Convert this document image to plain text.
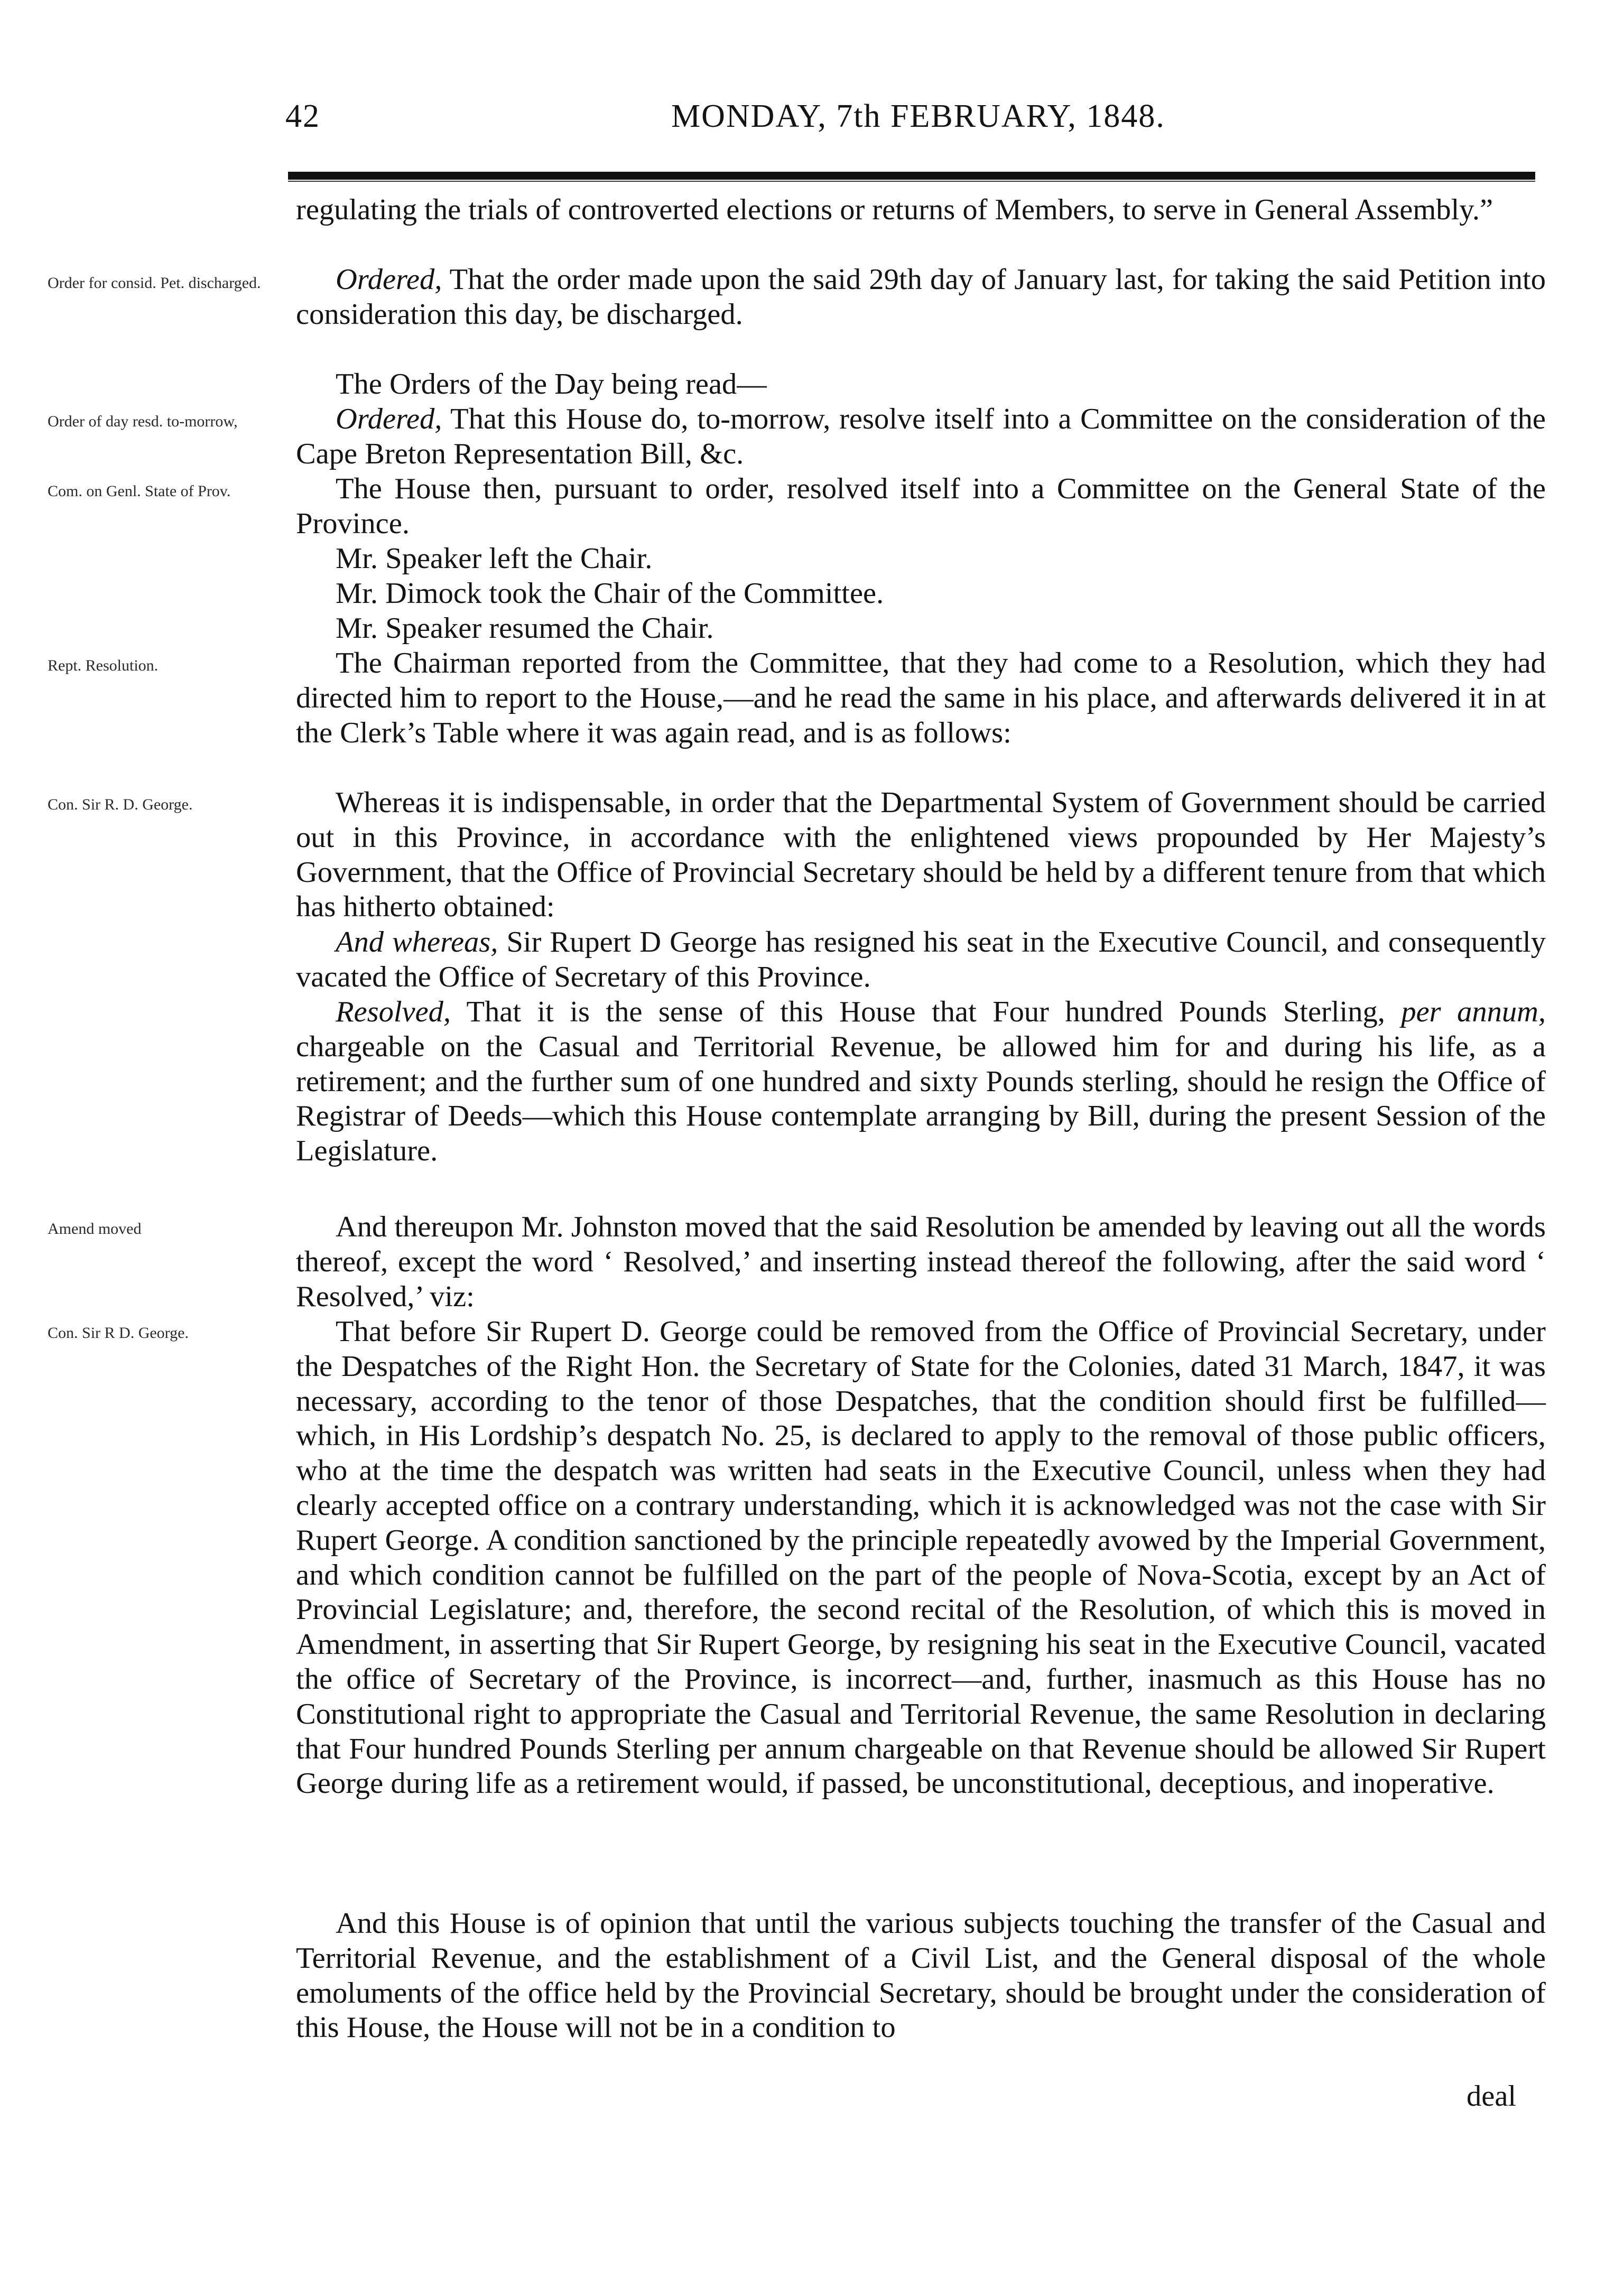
42	MONDAY, 7th FEBRUARY, 1848.
Order for consid. Pet. discharged.
Order of day resd. to-morrow,
Com. on Genl. State of Prov.
Rept. Resolution.
Con. Sir R. D. George.
Amend moved
Con. Sir R D. George.
regulating the trials of controverted elections or returns of Members, to serve in General Assembly.”
Ordered, That the order made upon the said 29th day of January last, for taking the said Petition into consideration this day, be discharged.
The Orders of the Day being read—
Ordered, That this House do, to-morrow, resolve itself into a Committee on the consideration of the Cape Breton Representation Bill, &c.
The House then, pursuant to order, resolved itself into a Committee on the General State of the Province.
Mr. Speaker left the Chair.
Mr. Dimock took the Chair of the Committee.
Mr. Speaker resumed the Chair.
The Chairman reported from the Committee, that they had come to a Resolution, which they had directed him to report to the House,—and he read the same in his place, and afterwards delivered it in at the Clerk’s Table where it was again read, and is as follows:
Whereas it is indispensable, in order that the Departmental System of Government should be carried out in this Province, in accordance with the enlightened views propounded by Her Majesty’s Government, that the Office of Provincial Secretary should be held by a different tenure from that which has hitherto obtained:
And whereas, Sir Rupert D George has resigned his seat in the Executive Council, and consequently vacated the Office of Secretary of this Province.
Resolved, That it is the sense of this House that Four hundred Pounds Sterling, per annum, chargeable on the Casual and Territorial Revenue, be allowed him for and during his life, as a retirement; and the further sum of one hundred and sixty Pounds sterling, should he resign the Office of Registrar of Deeds—which this House contemplate arranging by Bill, during the present Session of the Legislature.
And thereupon Mr. Johnston moved that the said Resolution be amended by leaving out all the words thereof, except the word ‘ Resolved,’ and inserting instead thereof the following, after the said word ‘ Resolved,’ viz:
That before Sir Rupert D. George could be removed from the Office of Provincial Secretary, under the Despatches of the Right Hon. the Secretary of State for the Colonies, dated 31 March, 1847, it was necessary, according to the tenor of those Despatches, that the condition should first be fulfilled—which, in His Lordship’s despatch No. 25, is declared to apply to the removal of those public officers, who at the time the despatch was written had seats in the Executive Council, unless when they had clearly accepted office on a contrary understanding, which it is acknowledged was not the case with Sir Rupert George. A condition sanctioned by the principle repeatedly avowed by the Imperial Government, and which condition cannot be fulfilled on the part of the people of Nova-Scotia, except by an Act of Provincial Legislature; and, therefore, the second recital of the Resolution, of which this is moved in Amendment, in asserting that Sir Rupert George, by resigning his seat in the Executive Council, vacated the office of Secretary of the Province, is incorrect—and, further, inasmuch as this House has no Constitutional right to appropriate the Casual and Territorial Revenue, the same Resolution in declaring that Four hundred Pounds Sterling per annum chargeable on that Revenue should be allowed Sir Rupert George during life as a retirement would, if passed, be unconstitutional, deceptious, and inoperative.
And this House is of opinion that until the various subjects touching the transfer of the Casual and Territorial Revenue, and the establishment of a Civil List, and the General disposal of the whole emoluments of the office held by the Provincial Secretary, should be brought under the consideration of this House, the House will not be in a condition to
deal
